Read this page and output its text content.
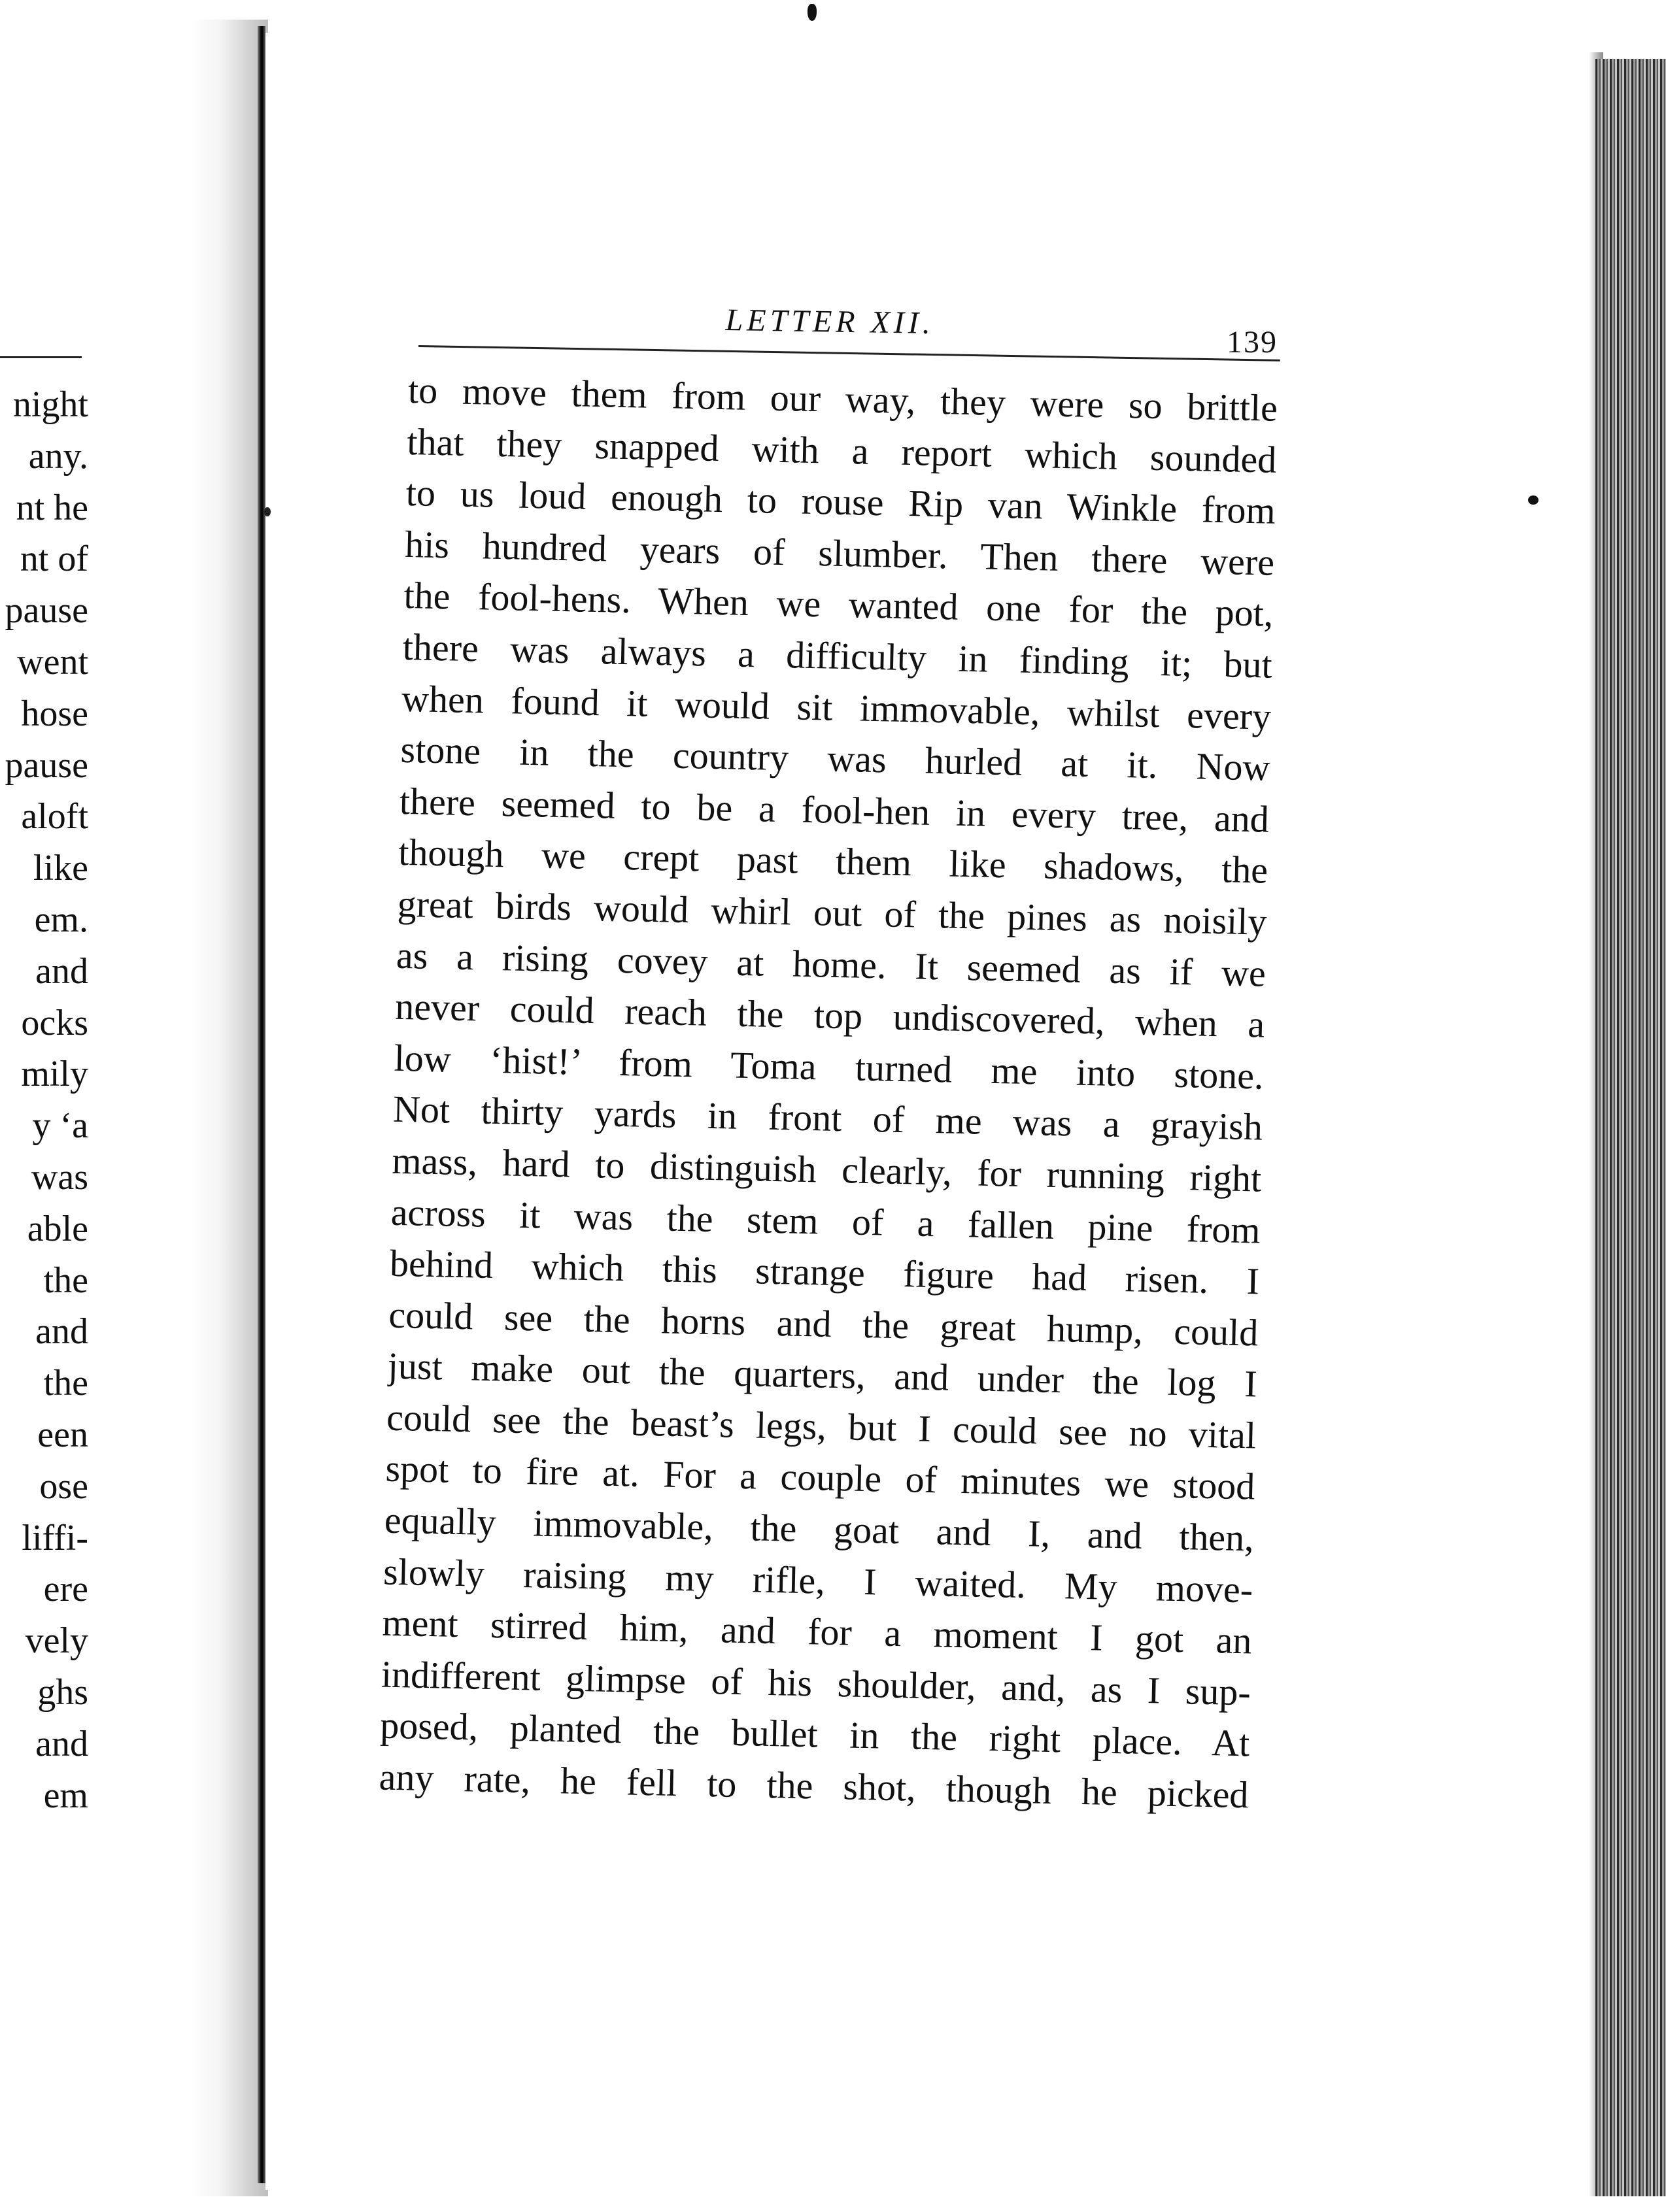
night
any.
nt he
nt of
pause
went
hose
pause
aloft
like
em.
and
ocks
mily
y ‘a
was
able
the
and
the
een
ose
liffi-
ere
vely
ghs
and
em
LETTER XII.
139
to move them from our way, they were so brittle
that they snapped with a report which sounded
to us loud enough to rouse Rip van Winkle from
his hundred years of slumber. Then there were
the fool-hens. When we wanted one for the pot,
there was always a difficulty in finding it; but
when found it would sit immovable, whilst every
stone in the country was hurled at it. Now
there seemed to be a fool-hen in every tree, and
though we crept past them like shadows, the
great birds would whirl out of the pines as noisily
as a rising covey at home. It seemed as if we
never could reach the top undiscovered, when a
low ‘hist!’ from Toma turned me into stone.
Not thirty yards in front of me was a grayish
mass, hard to distinguish clearly, for running right
across it was the stem of a fallen pine from
behind which this strange figure had risen. I
could see the horns and the great hump, could
just make out the quarters, and under the log I
could see the beast’s legs, but I could see no vital
spot to fire at. For a couple of minutes we stood
equally immovable, the goat and I, and then,
slowly raising my rifle, I waited. My move-
ment stirred him, and for a moment I got an
indifferent glimpse of his shoulder, and, as I sup-
posed, planted the bullet in the right place. At
any rate, he fell to the shot, though he picked
